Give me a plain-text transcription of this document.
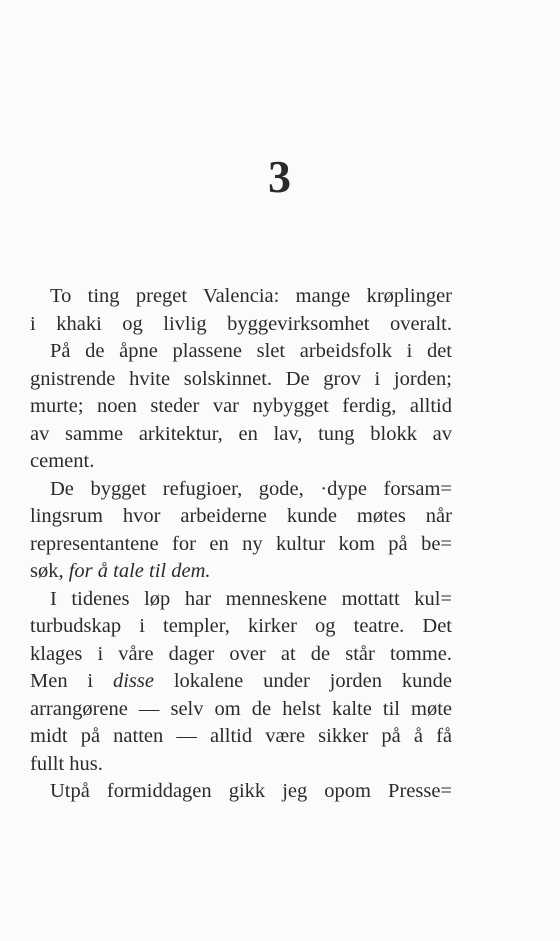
3
To ting preget Valencia: mange krøplinger
i khaki og livlig byggevirksomhet overalt.
På de åpne plassene slet arbeidsfolk i det
gnistrende hvite solskinnet. De grov i jorden;
murte; noen steder var nybygget ferdig, alltid
av samme arkitektur, en lav, tung blokk av
cement.
De bygget refugioer, gode, ·dype forsam=
lingsrum hvor arbeiderne kunde møtes når
representantene for en ny kultur kom på be=
søk, for å tale til dem.
I tidenes løp har menneskene mottatt kul=
turbudskap i templer, kirker og teatre. Det
klages i våre dager over at de står tomme.
Men i disse lokalene under jorden kunde
arrangørene — selv om de helst kalte til møte
midt på natten — alltid være sikker på å få
fullt hus.
Utpå formiddagen gikk jeg opom Presse=
